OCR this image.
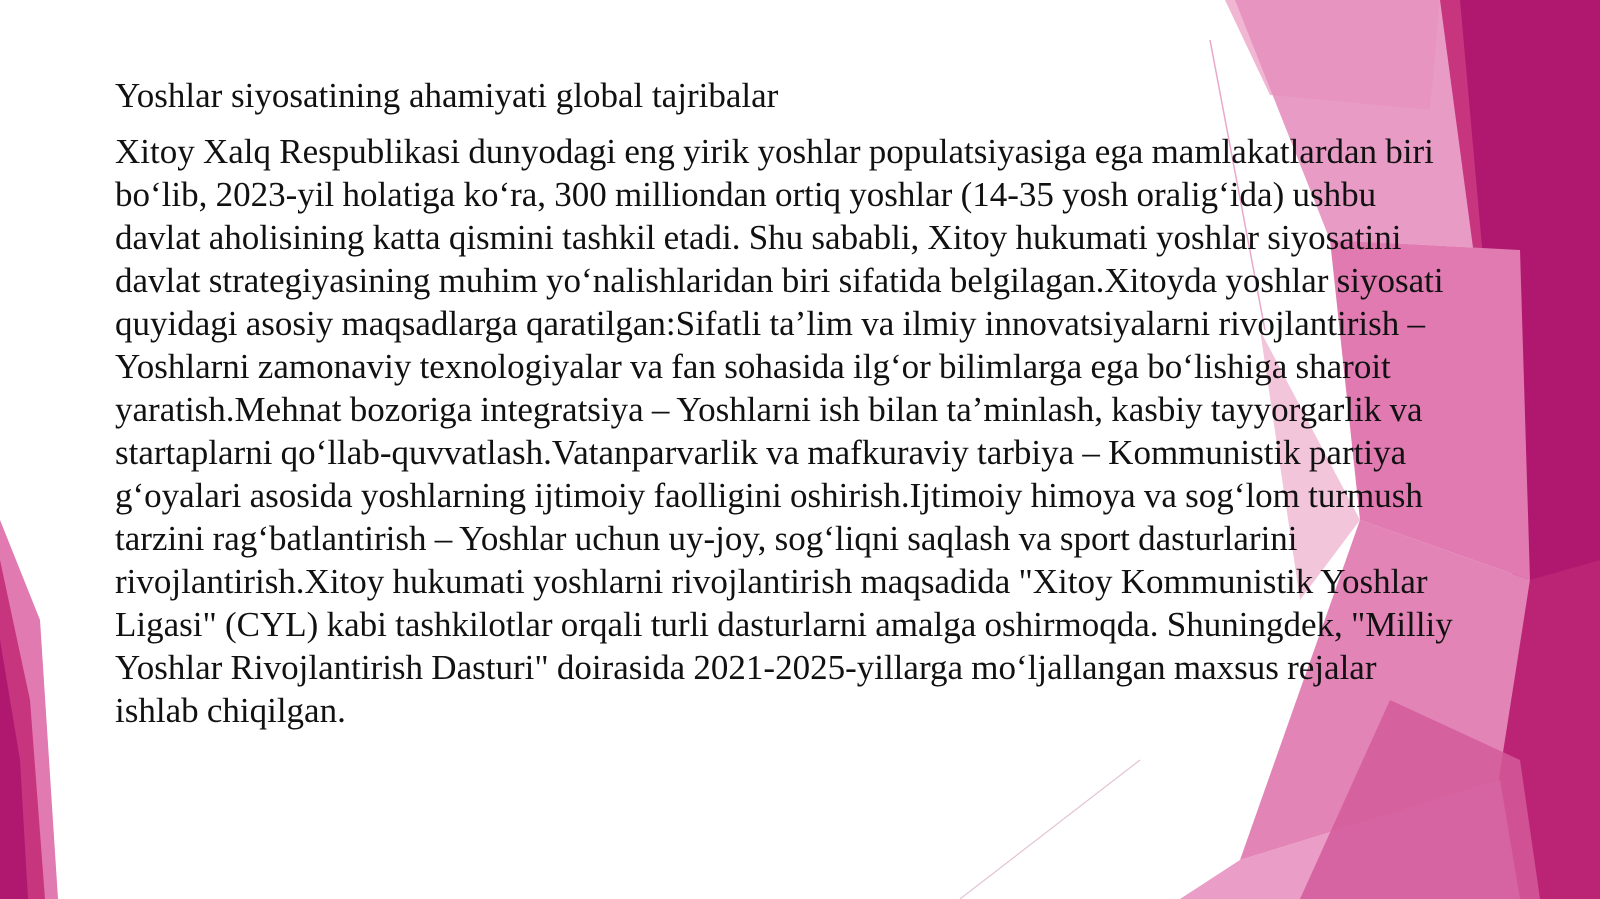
Yoshlar siyosatining ahamiyati global tajribalar

Xitoy Xalq Respublikasi dunyodagi eng yirik yoshlar populatsiyasiga ega mamlakatlardan biri bo‘lib, 2023-yil holatiga ko‘ra, 300 milliondan ortiq yoshlar (14-35 yosh oralig‘ida) ushbu davlat aholisining katta qismini tashkil etadi. Shu sababli, Xitoy hukumati yoshlar siyosatini davlat strategiyasining muhim yo‘nalishlaridan biri sifatida belgilagan.Xitoyda yoshlar siyosati quyidagi asosiy maqsadlarga qaratilgan:Sifatli ta’lim va ilmiy innovatsiyalarni rivojlantirish – Yoshlarni zamonaviy texnologiyalar va fan sohasida ilg‘or bilimlarga ega bo‘lishiga sharoit yaratish.Mehnat bozoriga integratsiya – Yoshlarni ish bilan ta’minlash, kasbiy tayyorgarlik va startaplarni qo‘llab-quvvatlash.Vatanparvarlik va mafkuraviy tarbiya – Kommunistik partiya g‘oyalari asosida yoshlarning ijtimoiy faolligini oshirish.Ijtimoiy himoya va sog‘lom turmush tarzini rag‘batlantirish – Yoshlar uchun uy-joy, sog‘liqni saqlash va sport dasturlarini rivojlantirish.Xitoy hukumati yoshlarni rivojlantirish maqsadida "Xitoy Kommunistik Yoshlar Ligasi" (CYL) kabi tashkilotlar orqali turli dasturlarni amalga oshirmoqda. Shuningdek, "Milliy Yoshlar Rivojlantirish Dasturi" doirasida 2021-2025-yillarga mo‘ljallangan maxsus rejalar ishlab chiqilgan.
